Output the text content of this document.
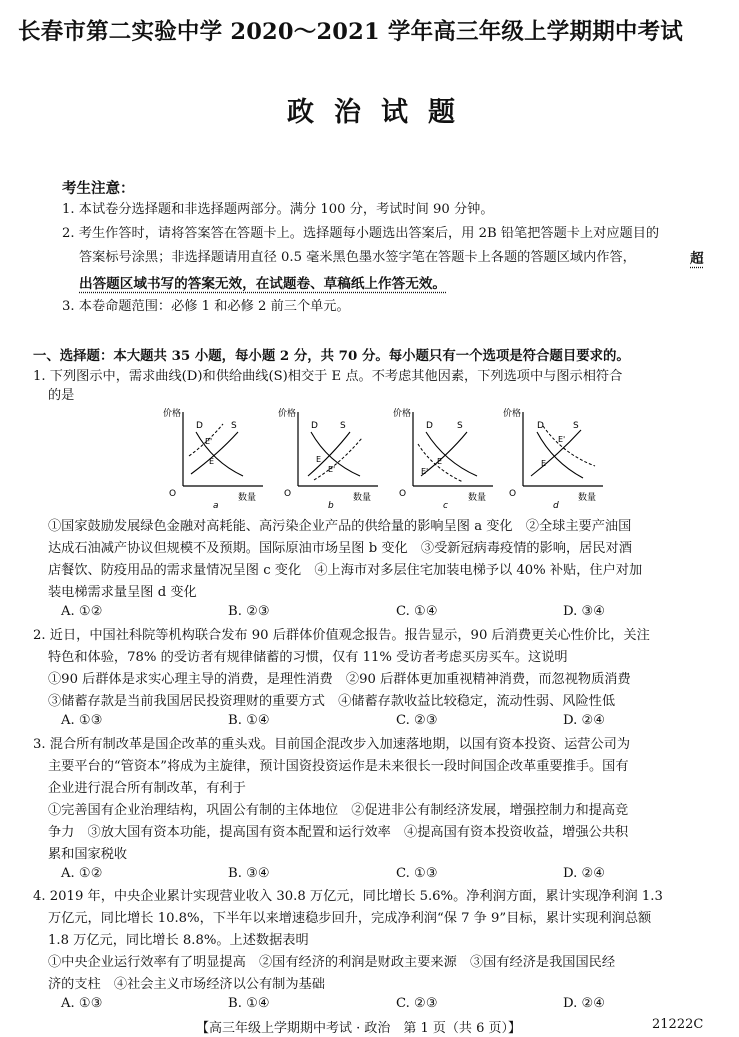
长春市第二实验中学 2020～2021 学年高三年级上学期期中考试
政治试题
考生注意：
1. 本试卷分选择题和非选择题两部分。满分 100 分，考试时间 90 分钟。
2. 考生作答时，请将答案答在答题卡上。选择题每小题选出答案后，用 2B 铅笔把答题卡上对应题目的
答案标号涂黑；非选择题请用直径 0.5 毫米黑色墨水签字笔在答题卡上各题的答题区域内作答，	超
出答题区域书写的答案无效，在试题卷、草稿纸上作答无效。
3. 本卷命题范围：必修 1 和必修 2 前三个单元。
一、选择题：本大题共 35 小题，每小题 2 分，共 70 分。每小题只有一个选项是符合题目要求的。
1. 下列图示中，需求曲线(D)和供给曲线(S)相交于 E 点。不考虑其他因素，下列选项中与图示相符合
的是
价格
O	数量
D	S
E'
E
a
价格
O	数量
D S
E
E'
b
价格
O	数量
D	S
E
E'
c
价格
O	数量
D	S
E'
E
d
①国家鼓励发展绿色金融对高耗能、高污染企业产品的供给量的影响呈图 a 变化　②全球主要产油国
达成石油减产协议但规模不及预期。国际原油市场呈图 b 变化　③受新冠病毒疫情的影响，居民对酒
店餐饮、防疫用品的需求量情况呈图 c 变化　④上海市对多层住宅加装电梯予以 40% 补贴，住户对加
装电梯需求量呈图 d 变化
A. ①②	B. ②③	C. ①④	D. ③④
2. 近日，中国社科院等机构联合发布 90 后群体价值观念报告。报告显示，90 后消费更关心性价比，关注
特色和体验，78% 的受访者有规律储蓄的习惯，仅有 11% 受访者考虑买房买车。这说明
①90 后群体是求实心理主导的消费，是理性消费　②90 后群体更加重视精神消费，而忽视物质消费
③储蓄存款是当前我国居民投资理财的重要方式　④储蓄存款收益比较稳定，流动性弱、风险性低
A. ①③	B. ①④	C. ②③	D. ②④
3. 混合所有制改革是国企改革的重头戏。目前国企混改步入加速落地期，以国有资本投资、运营公司为
主要平台的“管资本”将成为主旋律，预计国资投资运作是未来很长一段时间国企改革重要推手。国有
企业进行混合所有制改革，有利于
①完善国有企业治理结构，巩固公有制的主体地位　②促进非公有制经济发展，增强控制力和提高竞
争力　③放大国有资本功能，提高国有资本配置和运行效率　④提高国有资本投资收益，增强公共积
累和国家税收
A. ①②	B. ③④	C. ①③	D. ②④
4. 2019 年，中央企业累计实现营业收入 30.8 万亿元，同比增长 5.6%。净利润方面，累计实现净利润 1.3
万亿元，同比增长 10.8%，下半年以来增速稳步回升，完成净利润“保 7 争 9”目标，累计实现利润总额
1.8 万亿元，同比增长 8.8%。上述数据表明
①中央企业运行效率有了明显提高　②国有经济的利润是财政主要来源　③国有经济是我国国民经
济的支柱　④社会主义市场经济以公有制为基础
A. ①③	B. ①④	C. ②③	D. ②④
【高三年级上学期期中考试 · 政治　第 1 页（共 6 页）】	21222C
